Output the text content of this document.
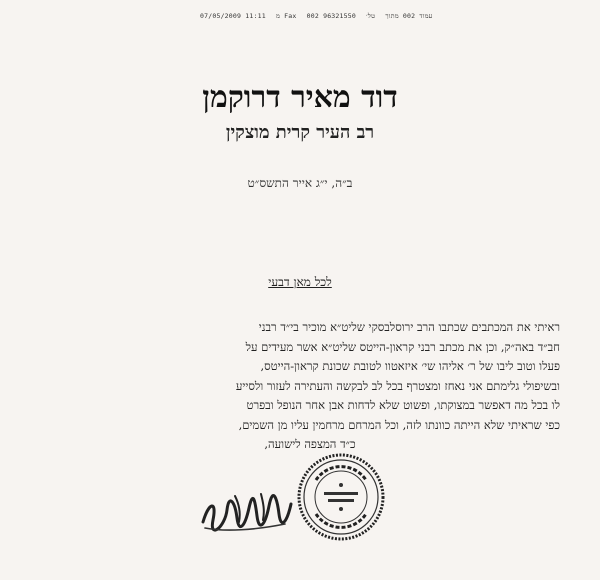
07/05/2009 11:11 מ Fax 002 עמוד 002 מתוך טל׳ 96321550
דוד מאיר דרוקמן
רב העיר קרית מוצקין
ב״ה, י״ג אייר התשס״ט
לכל מאן דבעי
ראיתי את המכתבים שכתבו הרב ירוסלבסקי שליט״א מוכיר בי״ד רבני
חב״ד באה״ק, וכן את מכתב רבני קראון-הייטס שליט״א אשר מעידים על
פעלו וטוב ליבו של ר׳ אליהו שי׳ איזאטוו לטובת שכונת קראון-הייטס,
ובשיפולי גלימתם אני נאחז ומצטרף בכל לב לבקשה והעתירה לעזור ולסייע
לו בכל מה דאפשר במצוקתו, ופשוט שלא לדחות אבן אחר הנופל ובפרט
כפי שראיתי שלא הייתה כוונתו לזה, וכל המרחם מרחמין עליו מן השמים,
כ״ד המצפה לישועה,
